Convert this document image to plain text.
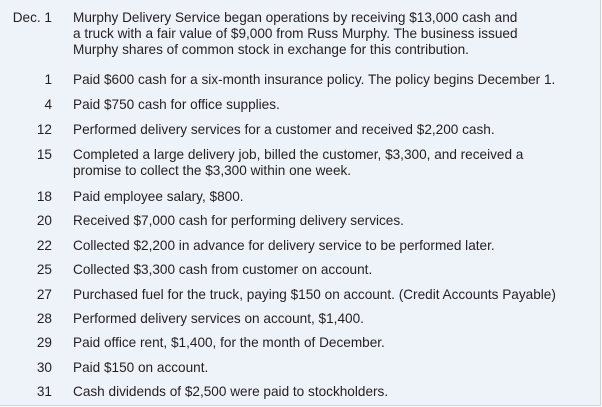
Dec. 1 Murphy Delivery Service began operations by receiving $13,000 cash and
a truck with a fair value of $9,000 from Russ Murphy. The business issued
Murphy shares of common stock in exchange for this contribution.
1 Paid $600 cash for a six-month insurance policy. The policy begins December 1.
4 Paid $750 cash for office supplies.
12 Performed delivery services for a customer and received $2,200 cash.
15 Completed a large delivery job, billed the customer, $3,300, and received a
promise to collect the $3,300 within one week.
18 Paid employee salary, $800.
20 Received $7,000 cash for performing delivery services.
22 Collected $2,200 in advance for delivery service to be performed later.
25 Collected $3,300 cash from customer on account.
27 Purchased fuel for the truck, paying $150 on account. (Credit Accounts Payable)
28 Performed delivery services on account, $1,400.
29 Paid office rent, $1,400, for the month of December.
30 Paid $150 on account.
31 Cash dividends of $2,500 were paid to stockholders.
